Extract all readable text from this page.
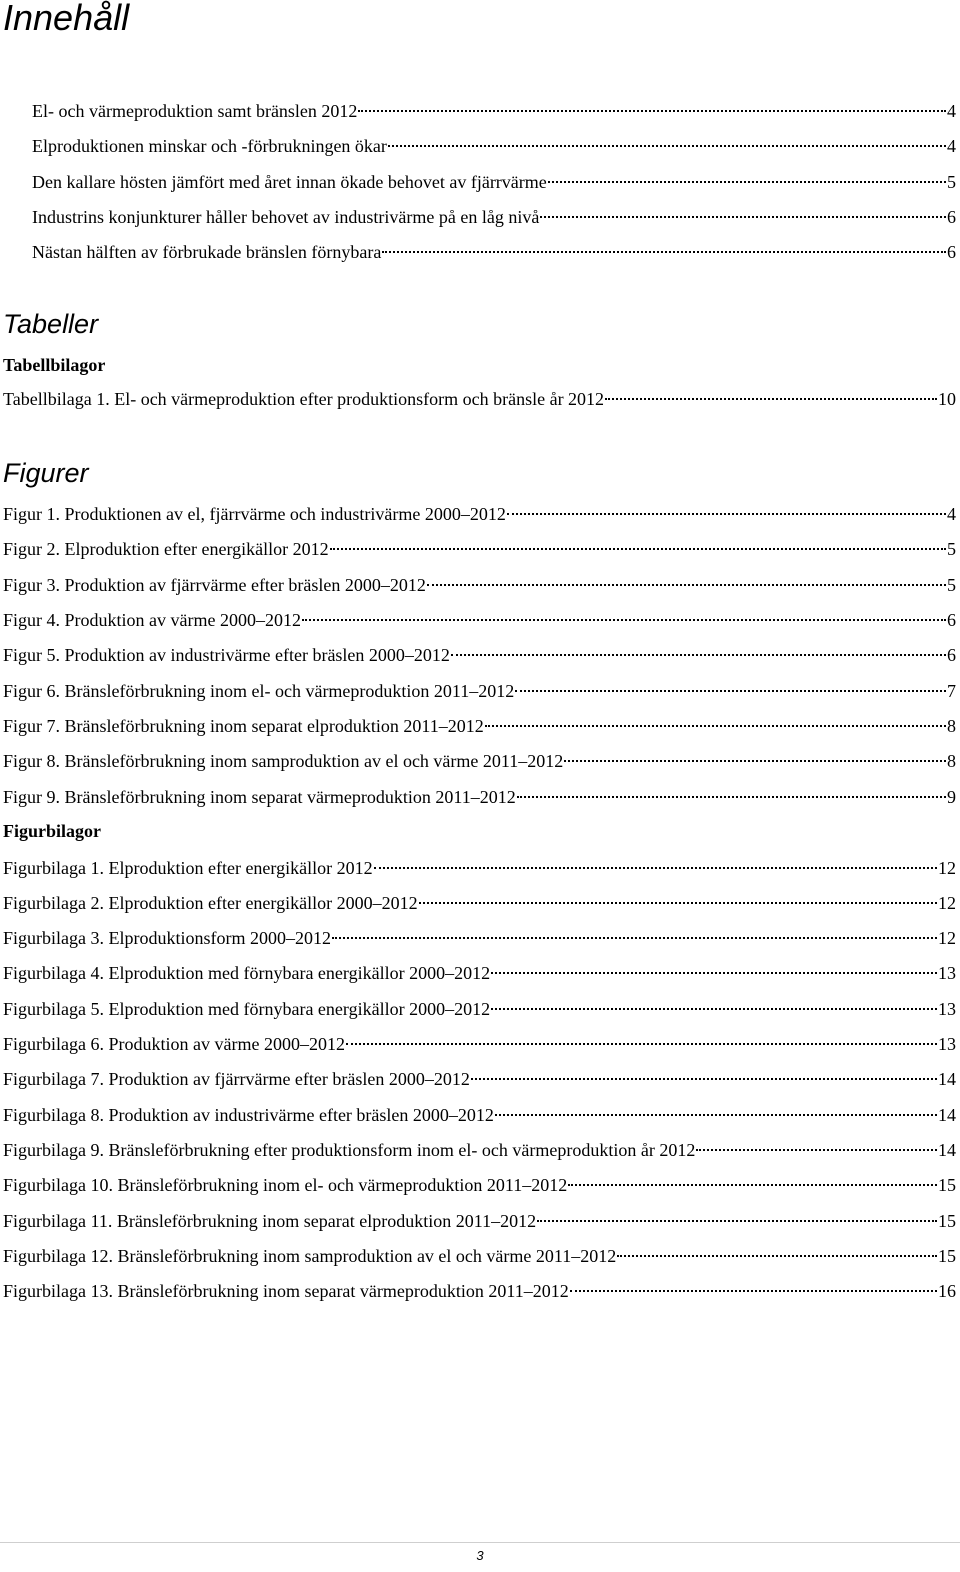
Innehåll
El- och värmeproduktion samt bränslen 2012	4
Elproduktionen minskar och -förbrukningen ökar	4
Den kallare hösten jämfört med året innan ökade behovet av fjärrvärme	5
Industrins konjunkturer håller behovet av industrivärme på en låg nivå	6
Nästan hälften av förbrukade bränslen förnybara	6
Tabeller
Tabellbilagor
Tabellbilaga 1. El- och värmeproduktion efter produktionsform och bränsle år 2012	10
Figurer
Figur 1. Produktionen av el, fjärrvärme och industrivärme 2000–2012	4
Figur 2. Elproduktion efter energikällor 2012	5
Figur 3. Produktion av fjärrvärme efter bräslen 2000–2012	5
Figur 4. Produktion av värme 2000–2012	6
Figur 5. Produktion av industrivärme efter bräslen 2000–2012	6
Figur 6. Bränsleförbrukning inom el- och värmeproduktion 2011–2012	7
Figur 7. Bränsleförbrukning inom separat elproduktion 2011–2012	8
Figur 8. Bränsleförbrukning inom samproduktion av el och värme 2011–2012	8
Figur 9. Bränsleförbrukning inom separat värmeproduktion 2011–2012	9
Figurbilagor
Figurbilaga 1. Elproduktion efter energikällor 2012	12
Figurbilaga 2. Elproduktion efter energikällor 2000–2012	12
Figurbilaga 3. Elproduktionsform 2000–2012	12
Figurbilaga 4. Elproduktion med förnybara energikällor 2000–2012	13
Figurbilaga 5. Elproduktion med förnybara energikällor 2000–2012	13
Figurbilaga 6. Produktion av värme 2000–2012	13
Figurbilaga 7. Produktion av fjärrvärme efter bräslen 2000–2012	14
Figurbilaga 8. Produktion av industrivärme efter bräslen 2000–2012	14
Figurbilaga 9. Bränsleförbrukning efter produktionsform inom el- och värmeproduktion år 2012	14
Figurbilaga 10. Bränsleförbrukning inom el- och värmeproduktion 2011–2012	15
Figurbilaga 11. Bränsleförbrukning inom separat elproduktion 2011–2012	15
Figurbilaga 12. Bränsleförbrukning inom samproduktion av el och värme 2011–2012	15
Figurbilaga 13. Bränsleförbrukning inom separat värmeproduktion 2011–2012	16
3
